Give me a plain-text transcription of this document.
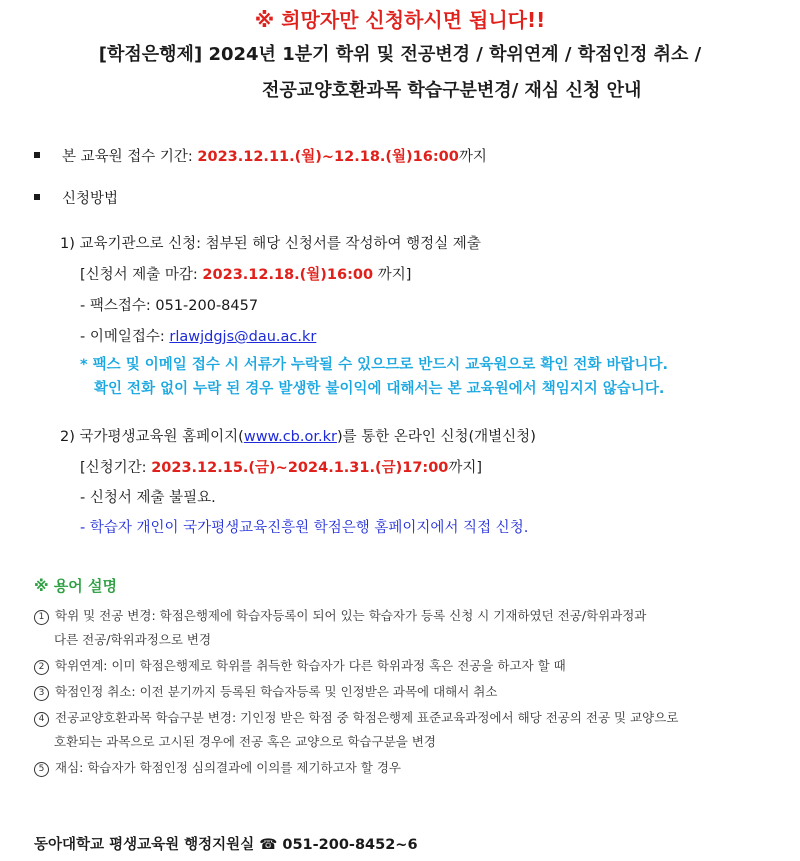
※ 희망자만 신청하시면 됩니다!!
[학점은행제] 2024년 1분기 학위 및 전공변경 / 학위연계 / 학점인정 취소 /
전공교양호환과목 학습구분변경/ 재심 신청 안내
본 교육원 접수 기간: 2023.12.11.(월)~12.18.(월)16:00까지
신청방법
1) 교육기관으로 신청: 첨부된 해당 신청서를 작성하여 행정실 제출
[신청서 제출 마감: 2023.12.18.(월)16:00 까지]
- 팩스접수: 051-200-8457
- 이메일접수: rlawjdgjs@dau.ac.kr
* 팩스 및 이메일 접수 시 서류가 누락될 수 있으므로 반드시 교육원으로 확인 전화 바랍니다.
확인 전화 없이 누락 된 경우 발생한 불이익에 대해서는 본 교육원에서 책임지지 않습니다.
2) 국가평생교육원 홈페이지(www.cb.or.kr)를 통한 온라인 신청(개별신청)
[신청기간: 2023.12.15.(금)~2024.1.31.(금)17:00까지]
- 신청서 제출 불필요.
- 학습자 개인이 국가평생교육진흥원 학점은행 홈페이지에서 직접 신청.
※ 용어 설명
1 학위 및 전공 변경: 학점은행제에 학습자등록이 되어 있는 학습자가 등록 신청 시 기재하였던 전공/학위과정과
다른 전공/학위과정으로 변경
2 학위연계: 이미 학점은행제로 학위를 취득한 학습자가 다른 학위과정 혹은 전공을 하고자 할 때
3 학점인정 취소: 이전 분기까지 등록된 학습자등록 및 인정받은 과목에 대해서 취소
4 전공교양호환과목 학습구분 변경: 기인정 받은 학점 중 학점은행제 표준교육과정에서 해당 전공의 전공 및 교양으로
호환되는 과목으로 고시된 경우에 전공 혹은 교양으로 학습구분을 변경
5 재심: 학습자가 학점인정 심의결과에 이의를 제기하고자 할 경우
동아대학교 평생교육원 행정지원실 ☎ 051-200-8452~6
